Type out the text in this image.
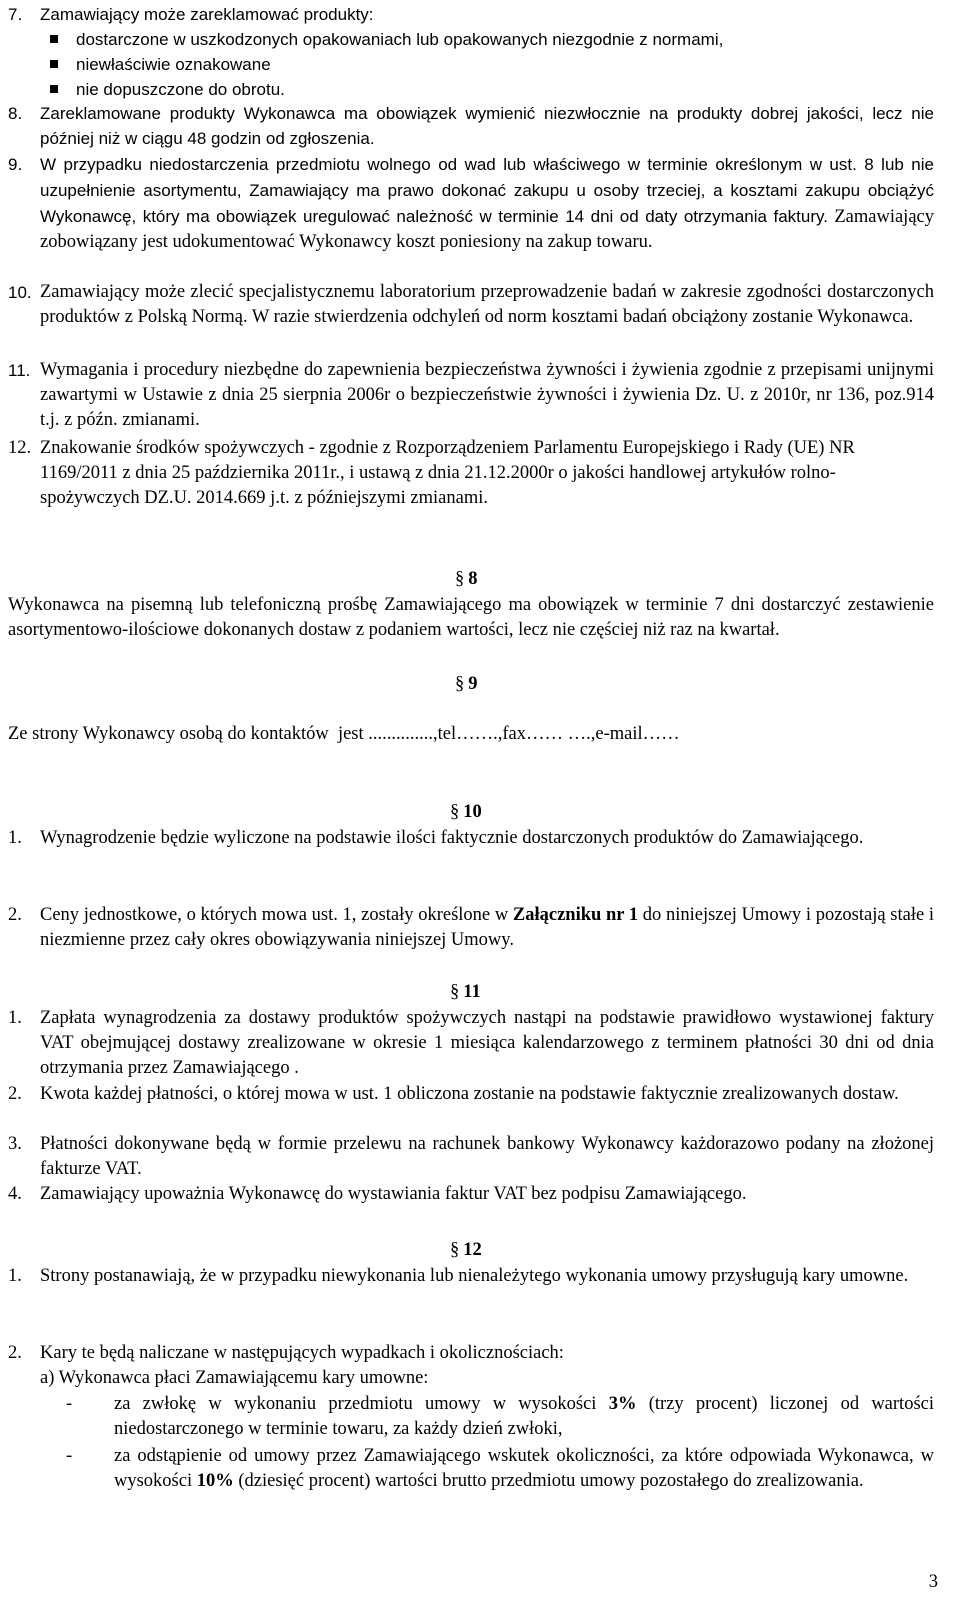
7. Zamawiający może zareklamować produkty:
dostarczone w uszkodzonych opakowaniach lub opakowanych niezgodnie z normami,
niewłaściwie oznakowane
nie dopuszczone do obrotu.
8. Zareklamowane produkty Wykonawca ma obowiązek wymienić niezwłocznie na produkty dobrej jakości, lecz nie później niż w ciągu 48 godzin od zgłoszenia.
9. W przypadku niedostarczenia przedmiotu wolnego od wad lub właściwego w terminie określonym w ust. 8 lub nie uzupełnienie asortymentu, Zamawiający ma prawo dokonać zakupu u osoby trzeciej, a kosztami zakupu obciążyć Wykonawcę, który ma obowiązek uregulować należność w terminie 14 dni od daty otrzymania faktury. Zamawiający zobowiązany jest udokumentować Wykonawcy koszt poniesiony na zakup towaru.
10. Zamawiający może zlecić specjalistycznemu laboratorium przeprowadzenie badań w zakresie zgodności dostarczonych produktów z Polską Normą. W razie stwierdzenia odchyleń od norm kosztami badań obciążony zostanie Wykonawca.
11. Wymagania i procedury niezbędne do zapewnienia bezpieczeństwa żywności i żywienia zgodnie z przepisami unijnymi zawartymi w Ustawie z dnia 25 sierpnia 2006r o bezpieczeństwie żywności i żywienia Dz. U. z 2010r, nr 136, poz.914 t.j. z późn. zmianami.
12. Znakowanie środków spożywczych - zgodnie z Rozporządzeniem Parlamentu Europejskiego i Rady (UE) NR 1169/2011 z dnia 25 października 2011r., i ustawą z dnia 21.12.2000r o jakości handlowej artykułów rolno-spożywczych DZ.U. 2014.669 j.t. z późniejszymi zmianami.
§ 8
Wykonawca na pisemną lub telefoniczną prośbę Zamawiającego ma obowiązek w terminie 7 dni dostarczyć zestawienie asortymentowo-ilościowe dokonanych dostaw z podaniem wartości, lecz nie częściej niż raz na kwartał.
§ 9
Ze strony Wykonawcy osobą do kontaktów  jest ..............,tel…….,fax…… ….,e-mail……
§ 10
1. Wynagrodzenie będzie wyliczone na podstawie ilości faktycznie dostarczonych produktów do Zamawiającego.
2. Ceny jednostkowe, o których mowa ust. 1, zostały określone w Załączniku nr 1 do niniejszej Umowy i pozostają stałe i niezmienne przez cały okres obowiązywania niniejszej Umowy.
§ 11
1. Zapłata wynagrodzenia za dostawy produktów spożywczych nastąpi na podstawie prawidłowo wystawionej faktury VAT obejmującej dostawy zrealizowane w okresie 1 miesiąca kalendarzowego z terminem płatności 30 dni od dnia otrzymania przez Zamawiającego .
2. Kwota każdej płatności, o której mowa w ust. 1 obliczona zostanie na podstawie faktycznie zrealizowanych dostaw.
3. Płatności dokonywane będą w formie przelewu na rachunek bankowy Wykonawcy każdorazowo podany na złożonej fakturze VAT.
4. Zamawiający upoważnia Wykonawcę do wystawiania faktur VAT bez podpisu Zamawiającego.
§ 12
1. Strony postanawiają, że w przypadku niewykonania lub nienależytego wykonania umowy przysługują kary umowne.
2. Kary te będą naliczane w następujących wypadkach i okolicznościach:
a) Wykonawca płaci Zamawiającemu kary umowne:
- za zwłokę w wykonaniu przedmiotu umowy w wysokości 3% (trzy procent) liczonej od wartości niedostarczonego w terminie towaru, za każdy dzień zwłoki,
- za odstąpienie od umowy przez Zamawiającego wskutek okoliczności, za które odpowiada Wykonawca, w wysokości 10% (dziesięć procent) wartości brutto przedmiotu umowy pozostałego do zrealizowania.
3
